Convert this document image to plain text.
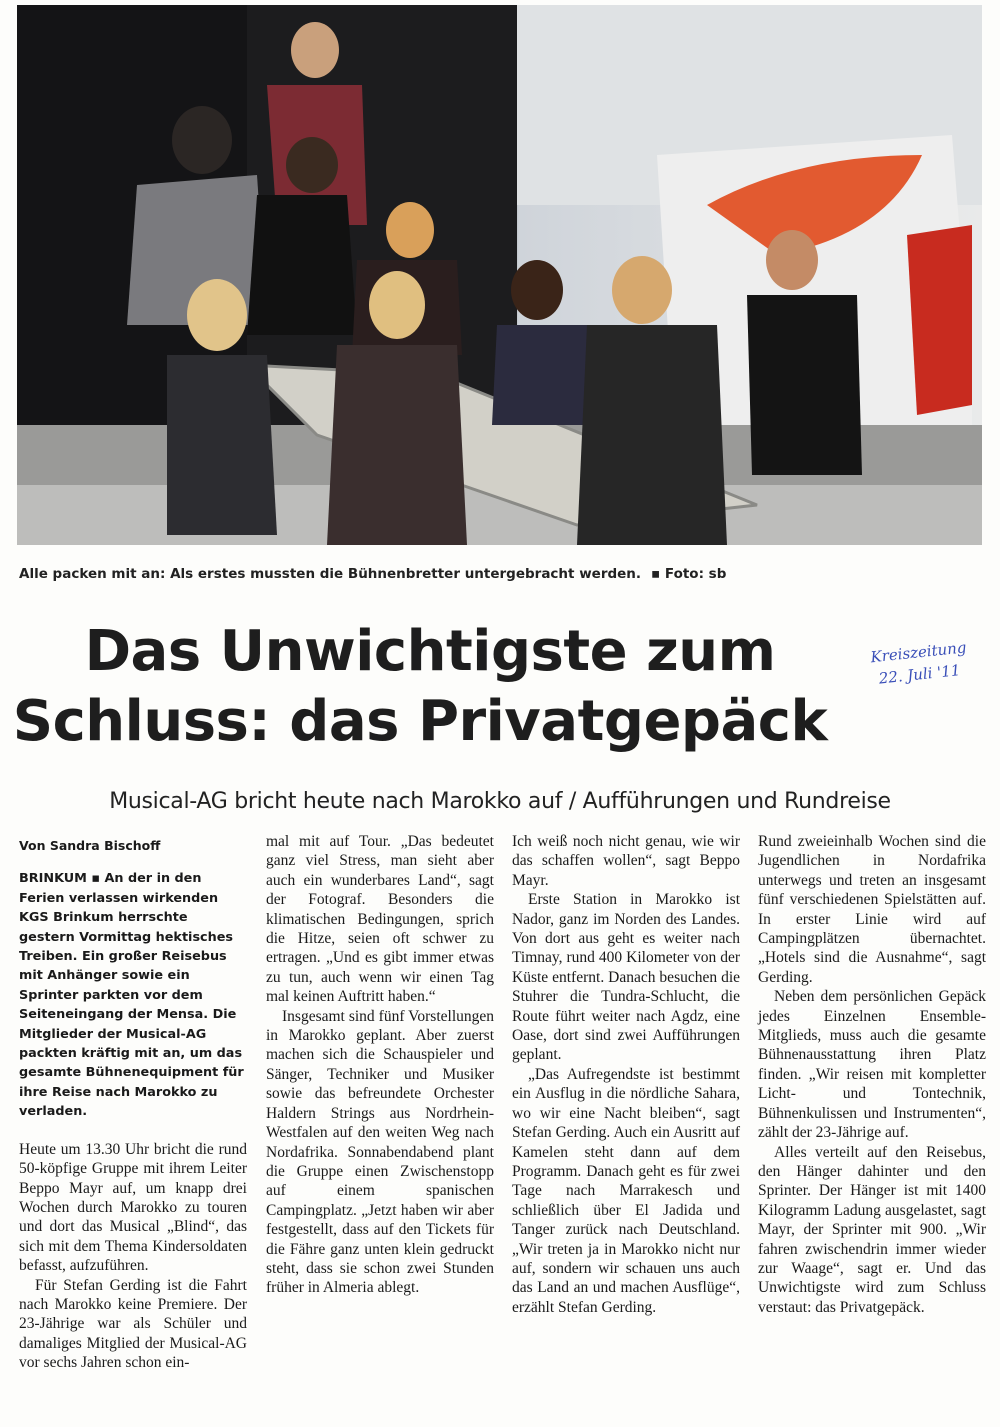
Alle packen mit an: Als erstes mussten die Bühnenbretter untergebracht werden. ▪ Foto: sb
Das Unwichtigste zum
Schluss: das Privatgepäck
Kreiszeitung
22. Juli '11
Musical-AG bricht heute nach Marokko auf / Aufführungen und Rundreise
Von Sandra Bischoff
BRINKUM ▪ An der in den Ferien verlassen wirkenden KGS Brinkum herrschte gestern Vormittag hektisches Treiben. Ein großer Reisebus mit Anhänger sowie ein Sprinter parkten vor dem Seiteneingang der Mensa. Die Mitglieder der Musical-AG packten kräftig mit an, um das gesamte Bühnenequipment für ihre Reise nach Marokko zu verladen.

Heute um 13.30 Uhr bricht die rund 50-köpfige Gruppe mit ihrem Leiter Beppo Mayr auf, um knapp drei Wochen durch Marokko zu touren und dort das Musical „Blind“, das sich mit dem Thema Kindersoldaten befasst, aufzuführen.

Für Stefan Gerding ist die Fahrt nach Marokko keine Premiere. Der 23-Jährige war als Schüler und damaliges Mitglied der Musical-AG vor sechs Jahren schon ein-

mal mit auf Tour. „Das bedeutet ganz viel Stress, man sieht aber auch ein wunderbares Land“, sagt der Fotograf. Besonders die klimatischen Bedingungen, sprich die Hitze, seien oft schwer zu ertragen. „Und es gibt immer etwas zu tun, auch wenn wir einen Tag mal keinen Auftritt haben.“

Insgesamt sind fünf Vorstellungen in Marokko geplant. Aber zuerst machen sich die Schauspieler und Sänger, Techniker und Musiker sowie das befreundete Orchester Haldern Strings aus Nordrhein-Westfalen auf den weiten Weg nach Nordafrika. Sonnabendabend plant die Gruppe einen Zwischenstopp auf einem spanischen Campingplatz. „Jetzt haben wir aber festgestellt, dass auf den Tickets für die Fähre ganz unten klein gedruckt steht, dass sie schon zwei Stunden früher in Almeria ablegt.

Ich weiß noch nicht genau, wie wir das schaffen wollen“, sagt Beppo Mayr.

Erste Station in Marokko ist Nador, ganz im Norden des Landes. Von dort aus geht es weiter nach Timnay, rund 400 Kilometer von der Küste entfernt. Danach besuchen die Stuhrer die Tundra-Schlucht, die Route führt weiter nach Agdz, eine Oase, dort sind zwei Aufführungen geplant.

„Das Aufregendste ist bestimmt ein Ausflug in die nördliche Sahara, wo wir eine Nacht bleiben“, sagt Stefan Gerding. Auch ein Ausritt auf Kamelen steht dann auf dem Programm. Danach geht es für zwei Tage nach Marrakesch und schließlich über El Jadida und Tanger zurück nach Deutschland. „Wir treten ja in Marokko nicht nur auf, sondern wir schauen uns auch das Land an und machen Ausflüge“, erzählt Stefan Gerding.

Rund zweieinhalb Wochen sind die Jugendlichen in Nordafrika unterwegs und treten an insgesamt fünf verschiedenen Spielstätten auf. In erster Linie wird auf Campingplätzen übernachtet. „Hotels sind die Ausnahme“, sagt Gerding.

Neben dem persönlichen Gepäck jedes Einzelnen Ensemble-Mitglieds, muss auch die gesamte Bühnenausstattung ihren Platz finden. „Wir reisen mit kompletter Licht- und Tontechnik, Bühnenkulissen und Instrumenten“, zählt der 23-Jährige auf.

Alles verteilt auf den Reisebus, den Hänger dahinter und den Sprinter. Der Hänger ist mit 1400 Kilogramm Ladung ausgelastet, sagt Mayr, der Sprinter mit 900. „Wir fahren zwischendrin immer wieder zur Waage“, sagt er. Und das Unwichtigste wird zum Schluss verstaut: das Privatgepäck.
